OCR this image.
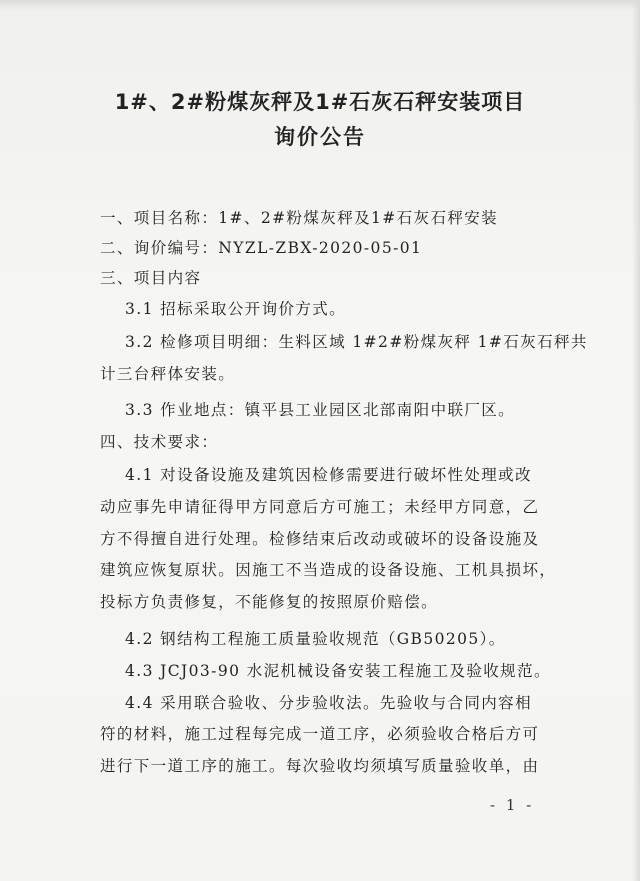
1#、2#粉煤灰秤及1#石灰石秤安装项目
询价公告
一、项目名称：1#、2#粉煤灰秤及1#石灰石秤安装
二、询价编号：NYZL-ZBX-2020-05-01
三、项目内容
3.1 招标采取公开询价方式。
3.2 检修项目明细：生料区域 1#2#粉煤灰秤 1#石灰石秤共
计三台秤体安装。
3.3 作业地点：镇平县工业园区北部南阳中联厂区。
四、技术要求：
4.1 对设备设施及建筑因检修需要进行破坏性处理或改
动应事先申请征得甲方同意后方可施工；未经甲方同意，乙
方不得擅自进行处理。检修结束后改动或破坏的设备设施及
建筑应恢复原状。因施工不当造成的设备设施、工机具损坏，
投标方负责修复，不能修复的按照原价赔偿。
4.2 钢结构工程施工质量验收规范（GB50205）。
4.3 JCJ03-90 水泥机械设备安装工程施工及验收规范。
4.4 采用联合验收、分步验收法。先验收与合同内容相
符的材料，施工过程每完成一道工序，必须验收合格后方可
进行下一道工序的施工。每次验收均须填写质量验收单，由
- 1 -
